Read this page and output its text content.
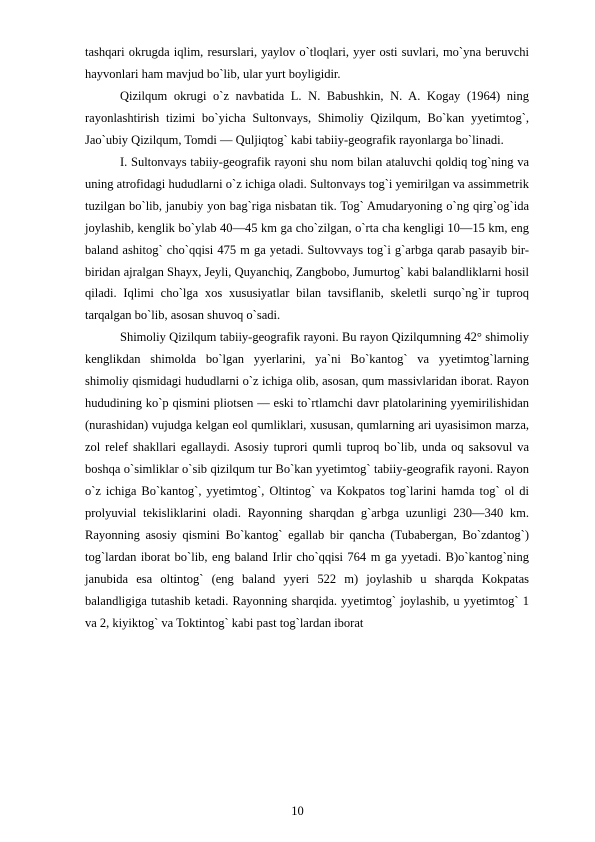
tashqari okrugda iqlim, resurslari, yaylov o`tloqlari, yyer osti suvlari, mo`yna beruvchi hayvonlari ham mavjud bo`lib, ular yurt boyligidir.

Qizilqum okrugi o`z navbatida L. N. Babushkin, N. A. Kogay (1964) ning rayonlashtirish tizimi bo`yicha Sultonvays, Shimoliy Qizilqum, Bo`kan yyetimtog`, Jao`ubiy Qizilqum, Tomdi — Quljiqtog` kabi tabiiy-geografik rayonlarga bo`linadi.

I. Sultonvays tabiiy-geografik rayoni shu nom bilan ataluvchi qoldiq tog`ning va uning atrofidagi hududlarni o`z ichiga oladi. Sultonvays tog`i yemirilgan va assimmetrik tuzilgan bo`lib, janubiy yon bag`riga nisbatan tik. Tog` Amudaryoning o`ng qirg`og`ida joylashib, kenglik bo`ylab 40—45 km ga cho`zilgan, o`rta cha kengligi 10—15 km, eng baland ashitog` cho`qqisi 475 m ga yetadi. Sultovvays tog`i g`arbga qarab pasayib bir-biridan ajralgan Shayx, Jeyli, Quyanchiq, Zangbobo, Jumurtog` kabi balandliklarni hosil qiladi. Iqlimi cho`lga xos xususiyatlar bilan tavsiflanib, skeletli surqo`ng`ir tuproq tarqalgan bo`lib, asosan shuvoq o`sadi.

Shimoliy Qizilqum tabiiy-geografik rayoni. Bu rayon Qizilqumning 42° shimoliy kenglikdan shimolda bo`lgan yyerlarini, ya`ni Bo`kantog` va yyetimtog`larning shimoliy qismidagi hududlarni o`z ichiga olib, asosan, qum massivlaridan iborat. Rayon hududining ko`p qismini pliotsen — eski to`rtlamchi davr platolarining yyemirilishidan (nurashidan) vujudga kelgan eol qumliklari, xususan, qumlarning ari uyasisimon marza, zol relef shakllari egallaydi. Asosiy tuprori qumli tuproq bo`lib, unda oq saksovul va boshqa o`simliklar o`sib qizilqum tur Bo`kan yyetimtog` tabiiy-geografik rayoni. Rayon o`z ichiga Bo`kantog`, yyetimtog`, Oltintog` va Kokpatos tog`larini hamda tog` ol di prolyuvial tekisliklarini oladi. Rayonning sharqdan g`arbga uzunligi 230—340 km. Rayonning asosiy qismini Bo`kantog` egallab bir qancha (Tubabergan, Bo`zdantog`) tog`lardan iborat bo`lib, eng baland Irlir cho`qqisi 764 m ga yyetadi. B)o`kantog`ning janubida esa oltintog` (eng baland yyeri 522 m) joylashib u sharqda Kokpatas balandligiga tutashib ketadi. Rayonning sharqida. yyetimtog` joylashib, u yyetimtog` 1 va 2, kiyiktog` va Toktintog` kabi past tog`lardan iborat

10
